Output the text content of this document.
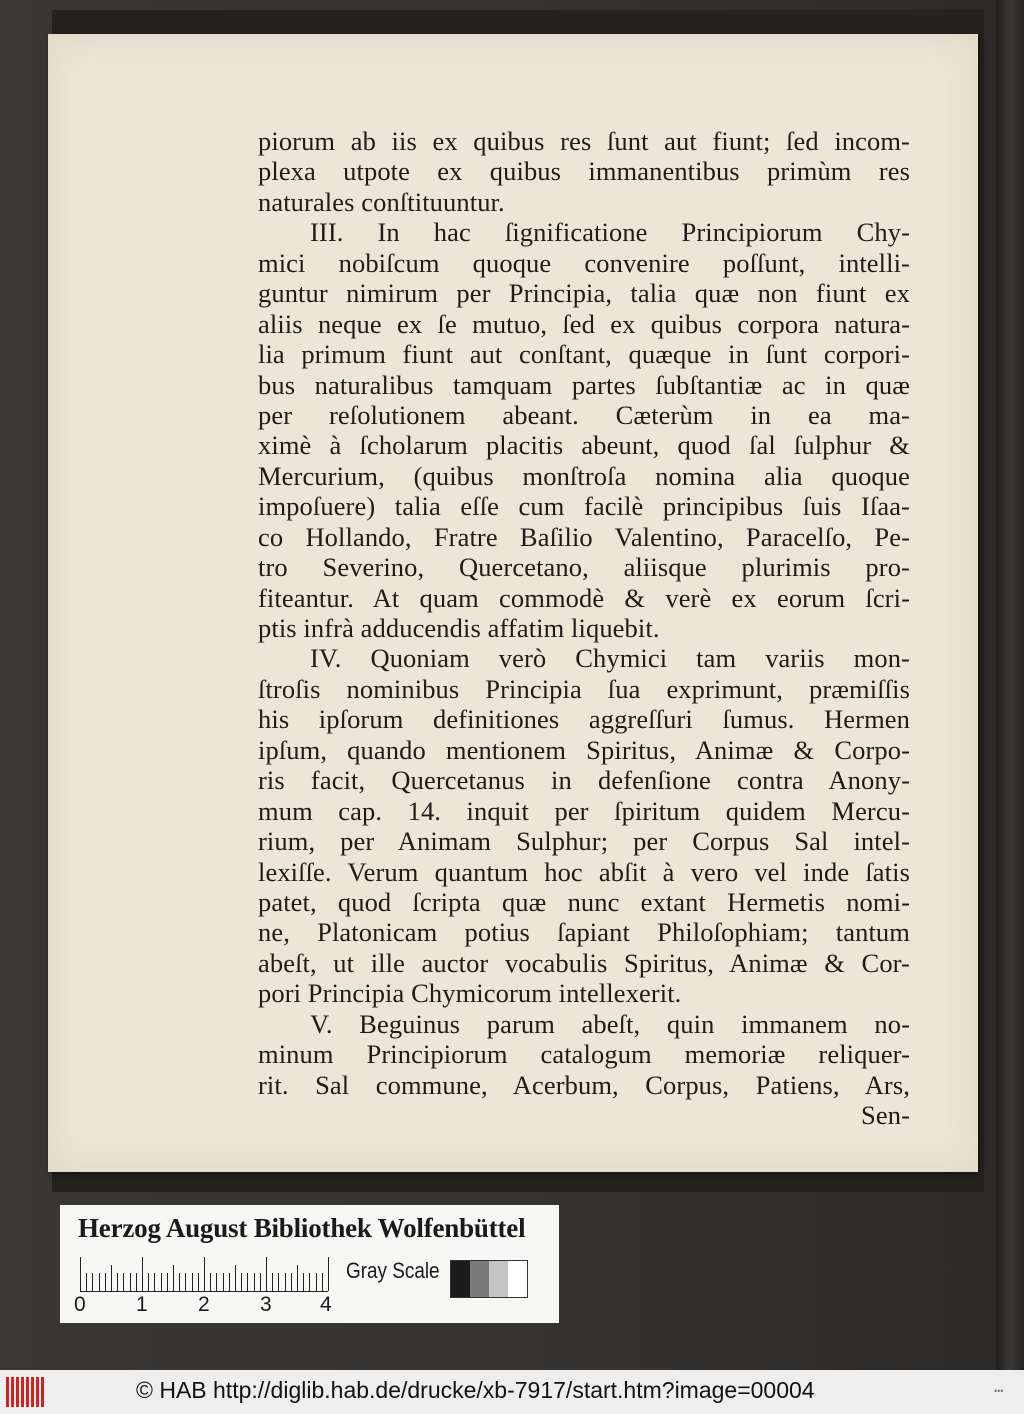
piorum ab iis ex quibus res ſunt aut fiunt; ſed incom-
plexa utpote ex quibus immanentibus primùm res
naturales conſtituuntur.
III. In hac ſignificatione Principiorum Chy-
mici nobiſcum quoque convenire poſſunt, intelli-
guntur nimirum per Principia, talia quæ non fiunt ex
aliis neque ex ſe mutuo, ſed ex quibus corpora natura-
lia primum fiunt aut conſtant, quæque in ſunt corpori-
bus naturalibus tamquam partes ſubſtantiæ ac in quæ
per reſolutionem abeant. Cæterùm in ea ma-
ximè à ſcholarum placitis abeunt, quod ſal ſulphur &
Mercurium, (quibus monſtroſa nomina alia quoque
impoſuere) talia eſſe cum facilè principibus ſuis Iſaa-
co Hollando, Fratre Baſilio Valentino, Paracelſo, Pe-
tro Severino, Quercetano, aliisque plurimis pro-
fiteantur. At quam commodè & verè ex eorum ſcri-
ptis infrà adducendis affatim liquebit.
IV. Quoniam verò Chymici tam variis mon-
ſtroſis nominibus Principia ſua exprimunt, præmiſſis
his ipſorum definitiones aggreſſuri ſumus. Hermen
ipſum, quando mentionem Spiritus, Animæ & Corpo-
ris facit, Quercetanus in defenſione contra Anony-
mum cap. 14. inquit per ſpiritum quidem Mercu-
rium, per Animam Sulphur; per Corpus Sal intel-
lexiſſe. Verum quantum hoc abſit à vero vel inde ſatis
patet, quod ſcripta quæ nunc extant Hermetis nomi-
ne, Platonicam potius ſapiant Philoſophiam; tantum
abeſt, ut ille auctor vocabulis Spiritus, Animæ & Cor-
pori Principia Chymicorum intellexerit.
V. Beguinus parum abeſt, quin immanem no-
minum Principiorum catalogum memoriæ reliquer-
rit. Sal commune, Acerbum, Corpus, Patiens, Ars,
Sen-
Herzog August Bibliothek Wolfenbüttel
0 1 2 3 4
Gray Scale
© HAB http://diglib.hab.de/drucke/xb-7917/start.htm?image=00004	•••
